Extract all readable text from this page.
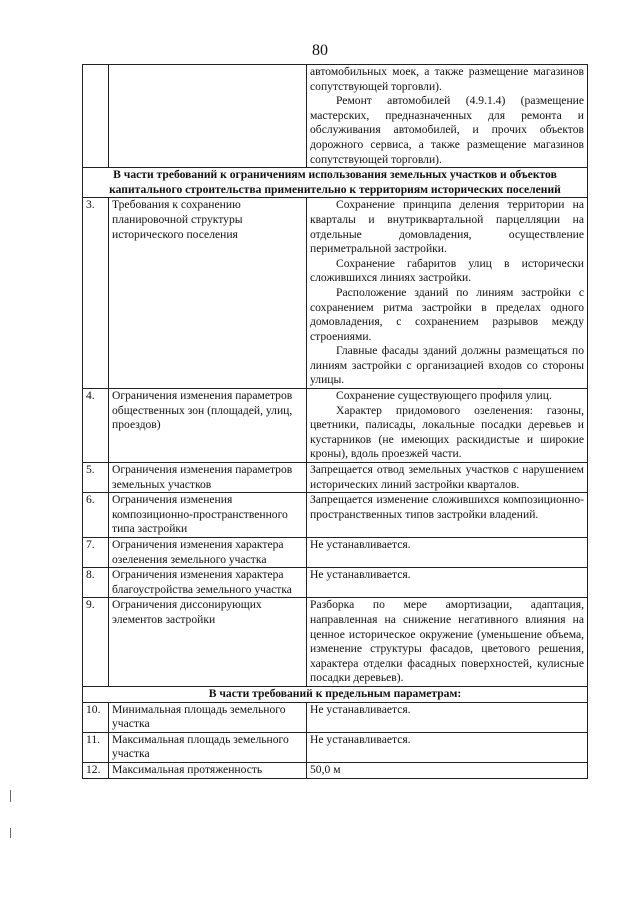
80

		автомобильных моек, а также размещение магазинов сопутствующей торговли).

Ремонт автомобилей (4.9.1.4) (размещение мастерских, предназначенных для ремонта и обслуживания автомобилей, и прочих объектов дорожного сервиса, а также размещение магазинов сопутствующей торговли).

В части требований к ограничениям использования земельных участков и объектов капитального строительства применительно к территориям исторических поселений		
3.	Требования к сохранению планировочной структуры исторического поселения	Сохранение принципа деления территории на кварталы и внутриквартальной парцелляции на отдельные домовладения, осуществление периметральной застройки.

Сохранение габаритов улиц в исторически сложившихся линиях застройки.

Расположение зданий по линиям застройки с сохранением ритма застройки в пределах одного домовладения, с сохранением разрывов между строениями.

Главные фасады зданий должны размещаться по линиям застройки с организацией входов со стороны улицы.

4.	Ограничения изменения параметров общественных зон (площадей, улиц, проездов)	Сохранение существующего профиля улиц.

Характер придомового озеленения: газоны, цветники, палисады, локальные посадки деревьев и кустарников (не имеющих раскидистые и широкие кроны), вдоль проезжей части.

5.	Ограничения изменения параметров земельных участков	Запрещается отвод земельных участков с нарушением исторических линий застройки кварталов.

6.	Ограничения изменения композиционно-пространственного типа застройки	Запрещается изменение сложившихся композиционно-пространственных типов застройки владений.

7.	Ограничения изменения характера озеленения земельного участка	Не устанавливается.

8.	Ограничения изменения характера благоустройства земельного участка	Не устанавливается.

9.	Ограничения диссонирующих элементов застройки	Разборка по мере амортизации, адаптация, направленная на снижение негативного влияния на ценное историческое окружение (уменьшение объема, изменение структуры фасадов, цветового решения, характера отделки фасадных поверхностей, кулисные посадки деревьев).

В части требований к предельным параметрам:		
10.	Минимальная площадь земельного участка	Не устанавливается.

11.	Максимальная площадь земельного участка	Не устанавливается.

12.	Максимальная протяженность	50,0 м
